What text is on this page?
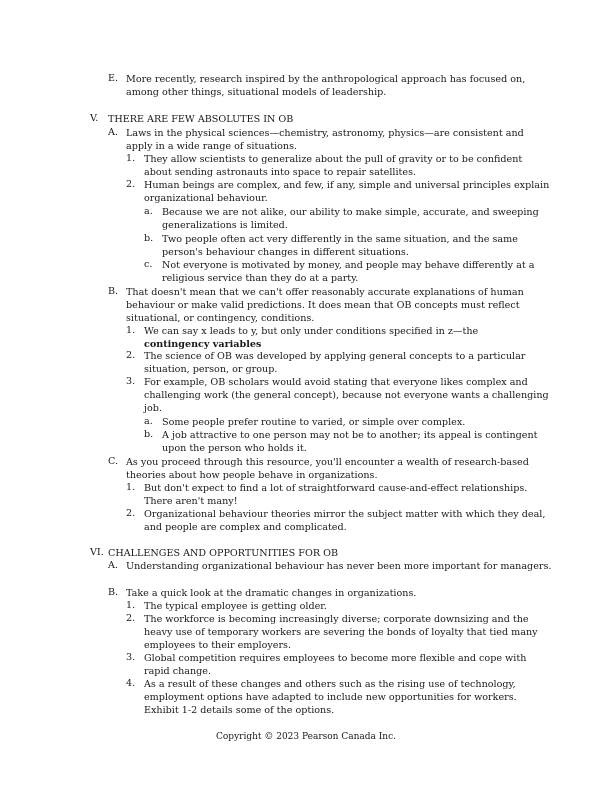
E. More recently, research inspired by the anthropological approach has focused on, among other things, situational models of leadership.
V. THERE ARE FEW ABSOLUTES IN OB
A. Laws in the physical sciences—chemistry, astronomy, physics—are consistent and apply in a wide range of situations.
1. They allow scientists to generalize about the pull of gravity or to be confident about sending astronauts into space to repair satellites.
2. Human beings are complex, and few, if any, simple and universal principles explain organizational behaviour.
a. Because we are not alike, our ability to make simple, accurate, and sweeping generalizations is limited.
b. Two people often act very differently in the same situation, and the same person's behaviour changes in different situations.
c. Not everyone is motivated by money, and people may behave differently at a religious service than they do at a party.
B. That doesn't mean that we can't offer reasonably accurate explanations of human behaviour or make valid predictions. It does mean that OB concepts must reflect situational, or contingency, conditions.
1. We can say x leads to y, but only under conditions specified in z—the
contingency variables
2. The science of OB was developed by applying general concepts to a particular situation, person, or group.
3. For example, OB scholars would avoid stating that everyone likes complex and challenging work (the general concept), because not everyone wants a challenging job.
a. Some people prefer routine to varied, or simple over complex.
b. A job attractive to one person may not be to another; its appeal is contingent upon the person who holds it.
C. As you proceed through this resource, you'll encounter a wealth of research-based theories about how people behave in organizations.
1. But don't expect to find a lot of straightforward cause-and-effect relationships. There aren't many!
2. Organizational behaviour theories mirror the subject matter with which they deal, and people are complex and complicated.
VI. CHALLENGES AND OPPORTUNITIES FOR OB
A. Understanding organizational behaviour has never been more important for managers.
B. Take a quick look at the dramatic changes in organizations.
1. The typical employee is getting older.
2. The workforce is becoming increasingly diverse; corporate downsizing and the heavy use of temporary workers are severing the bonds of loyalty that tied many employees to their employers.
3. Global competition requires employees to become more flexible and cope with rapid change.
4. As a result of these changes and others such as the rising use of technology, employment options have adapted to include new opportunities for workers. Exhibit 1-2 details some of the options.
Copyright © 2023 Pearson Canada Inc.
